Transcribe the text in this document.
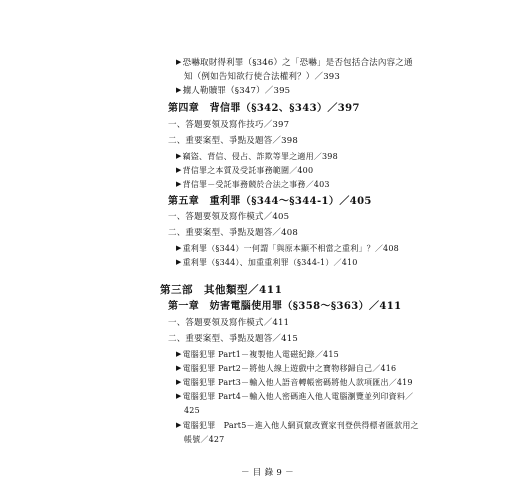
▶恐嚇取財得利罪（§346）之「恐嚇」是否包括合法內容之通
知（例如告知欲行使合法權利？）／393
▶擄人勒贖罪（§347）／395
第四章　背信罪（§342、§343）／397
一、答題要領及寫作技巧／397
二、重要案型、爭點及題答／398
▶竊盜、背信、侵占、詐欺等罪之適用／398
▶背信罪之本質及受託事務範圍／400
▶背信罪－受託事務競於合法之事務／403
第五章　重利罪（§344～§344-1）／405
一、答題要領及寫作模式／405
二、重要案型、爭點及題答／408
▶重利罪（§344）一何謂「與原本顯不相當之重利」？／408
▶重利罪（§344）、加重重利罪（§344-1）／410
第三部　其他類型／411
第一章　妨害電腦使用罪（§358～§363）／411
一、答題要領及寫作模式／411
二、重要案型、爭點及題答／415
▶電腦犯罪 Part1－複製他人電磁紀錄／415
▶電腦犯罪 Part2－將他人線上遊戲中之寶物移歸自己／416
▶電腦犯罪 Part3－輸入他人語音轉帳密碼將他人款項匯出／419
▶電腦犯罪 Part4－輸入他人密碼進入他人電腦瀏覽並列印資料／
425
▶電腦犯罪　Part5－進入他人網頁竄改賣家刊登供得標者匯款用之
帳號／427
－ 目 錄 9 －
